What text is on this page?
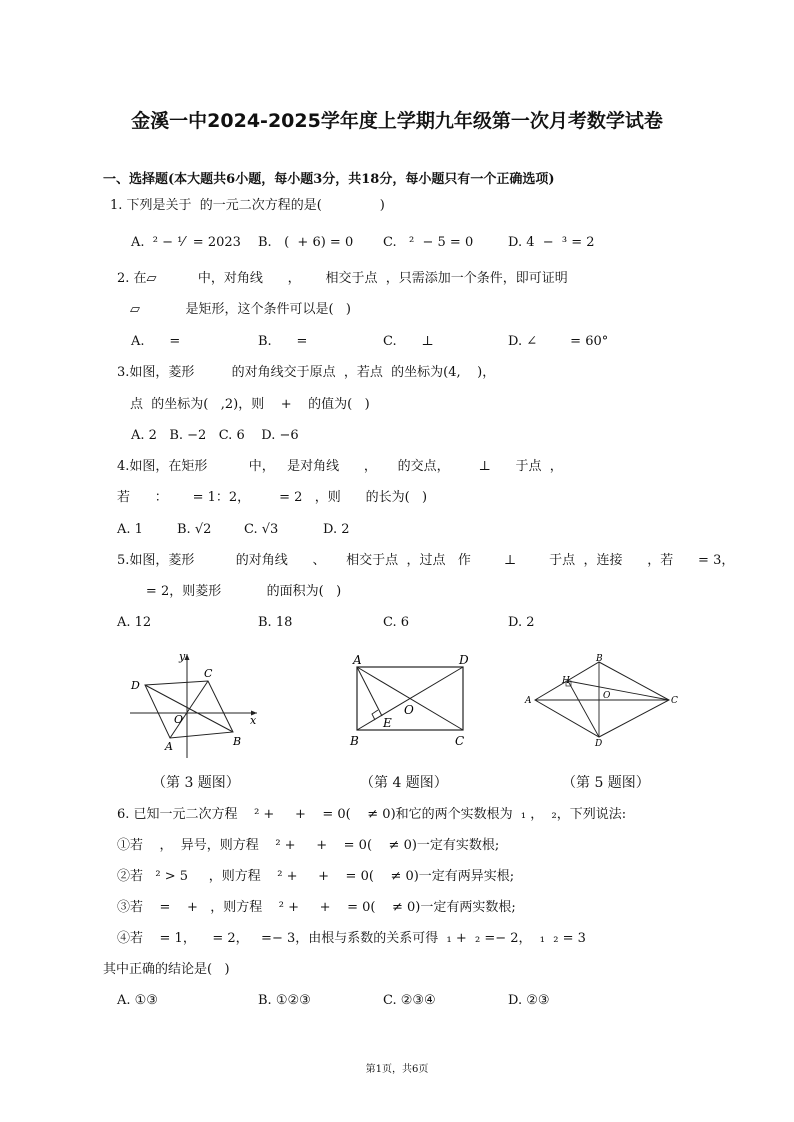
金溪一中2024-2025学年度上学期九年级第一次月考数学试卷
一、选择题(本大题共6小题，每小题3分，共18分，每小题只有一个正确选项)
1. 下列是关于  的一元二次方程的是(              )
A.  ² − ¹⁄  = 2023 B.   (  + 6) = 0 C.   ²  − 5 = 0	D. 4  −  ³ = 2
2. 在▱          中，对角线      ，      相交于点  ，只需添加一个条件，即可证明
▱           是矩形，这个条件可以是(   )
A.      =	B.      =	C.      ⊥	D. ∠        = 60°
3.如图，菱形         的对角线交于原点  ，若点  的坐标为(4,    )，
点  的坐标为(   ,2)，则    +    的值为(   )
A. 2   B. −2   C. 6    D. −6
4.如图，在矩形          中，   是对角线      ，     的交点，       ⊥      于点  ，
若      ：      = 1：2，       = 2   ，则      的长为(   )
A. 1	B. √2	C. √3	D. 2
5.如图，菱形          的对角线      、     相交于点  ，过点   作        ⊥        于点  ，连接      ，若      = 3，
= 2，则菱形           的面积为(   )
A. 12	B. 18	C. 6	D. 2
y
x
C
D
O
A	B
（第 3 题图）
A	D
E
O
B	C
（第 4 题图）
B
H
A	O	C
D
（第 5 题图）
6. 已知一元二次方程    ² +     +    = 0(    ≠ 0)和它的两个实数根为  ₁ ，  ₂，下列说法:
①若    ，  异号，则方程    ² +     +    = 0(    ≠ 0)一定有实数根;
②若   ² > 5     ，则方程    ² +     +    = 0(    ≠ 0)一定有两异实根;
③若    =    +   ，则方程    ² +     +    = 0(    ≠ 0)一定有两实数根;
④若    = 1，    = 2，   =− 3，由根与系数的关系可得  ₁ +  ₂ =− 2，  ₁  ₂ = 3
其中正确的结论是(   )
A. ①③	B. ①②③	C. ②③④	D. ②③
第1页，共6页
